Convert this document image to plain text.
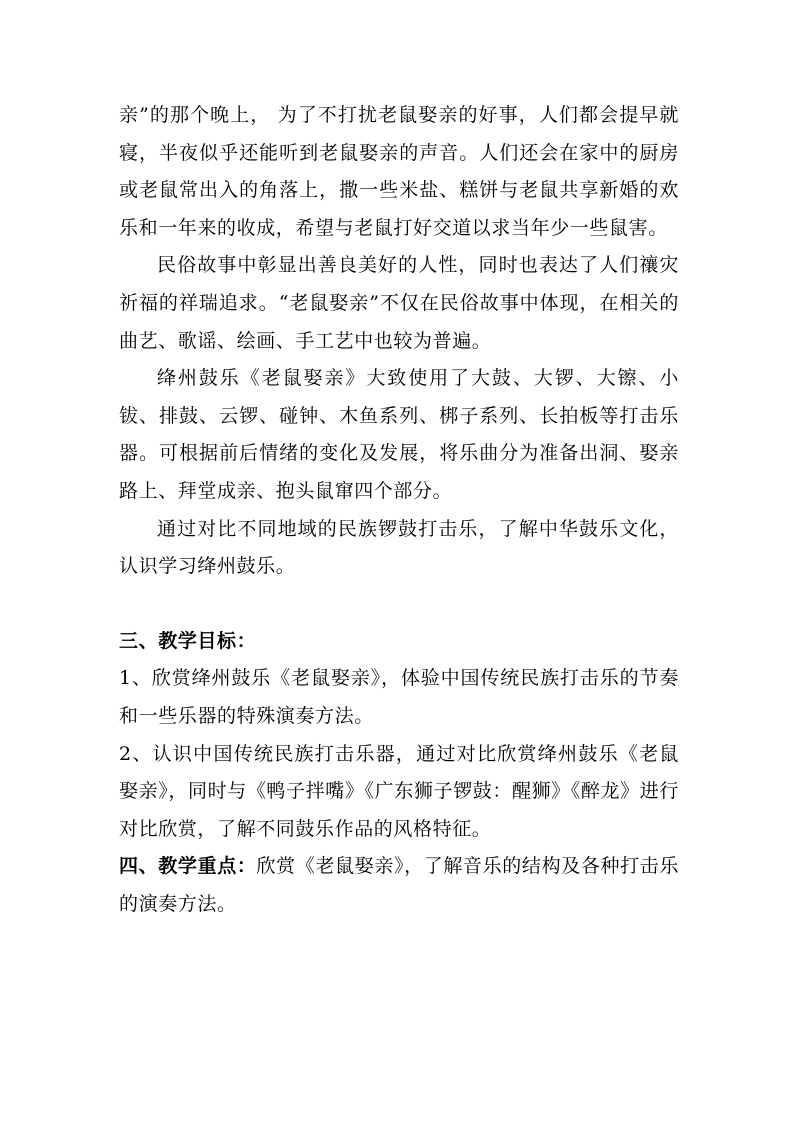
亲”的那个晚上， 为了不打扰老鼠娶亲的好事，人们都会提早就寝，半夜似乎还能听到老鼠娶亲的声音。人们还会在家中的厨房或老鼠常出入的角落上，撒一些米盐、糕饼与老鼠共享新婚的欢乐和一年来的收成，希望与老鼠打好交道以求当年少一些鼠害。

民俗故事中彰显出善良美好的人性，同时也表达了人们禳灾祈福的祥瑞追求。“老鼠娶亲”不仅在民俗故事中体现，在相关的曲艺、歌谣、绘画、手工艺中也较为普遍。

绛州鼓乐《老鼠娶亲》大致使用了大鼓、大锣、大镲、小钹、排鼓、云锣、碰钟、木鱼系列、梆子系列、长拍板等打击乐器。可根据前后情绪的变化及发展，将乐曲分为准备出洞、娶亲路上、拜堂成亲、抱头鼠窜四个部分。

通过对比不同地域的民族锣鼓打击乐，了解中华鼓乐文化，认识学习绛州鼓乐。

三、教学目标：

1、欣赏绛州鼓乐《老鼠娶亲》，体验中国传统民族打击乐的节奏和一些乐器的特殊演奏方法。

2、认识中国传统民族打击乐器，通过对比欣赏绛州鼓乐《老鼠娶亲》，同时与《鸭子拌嘴》《广东狮子锣鼓：醒狮》《醉龙》进行对比欣赏，了解不同鼓乐作品的风格特征。

四、教学重点：欣赏《老鼠娶亲》，了解音乐的结构及各种打击乐的演奏方法。
